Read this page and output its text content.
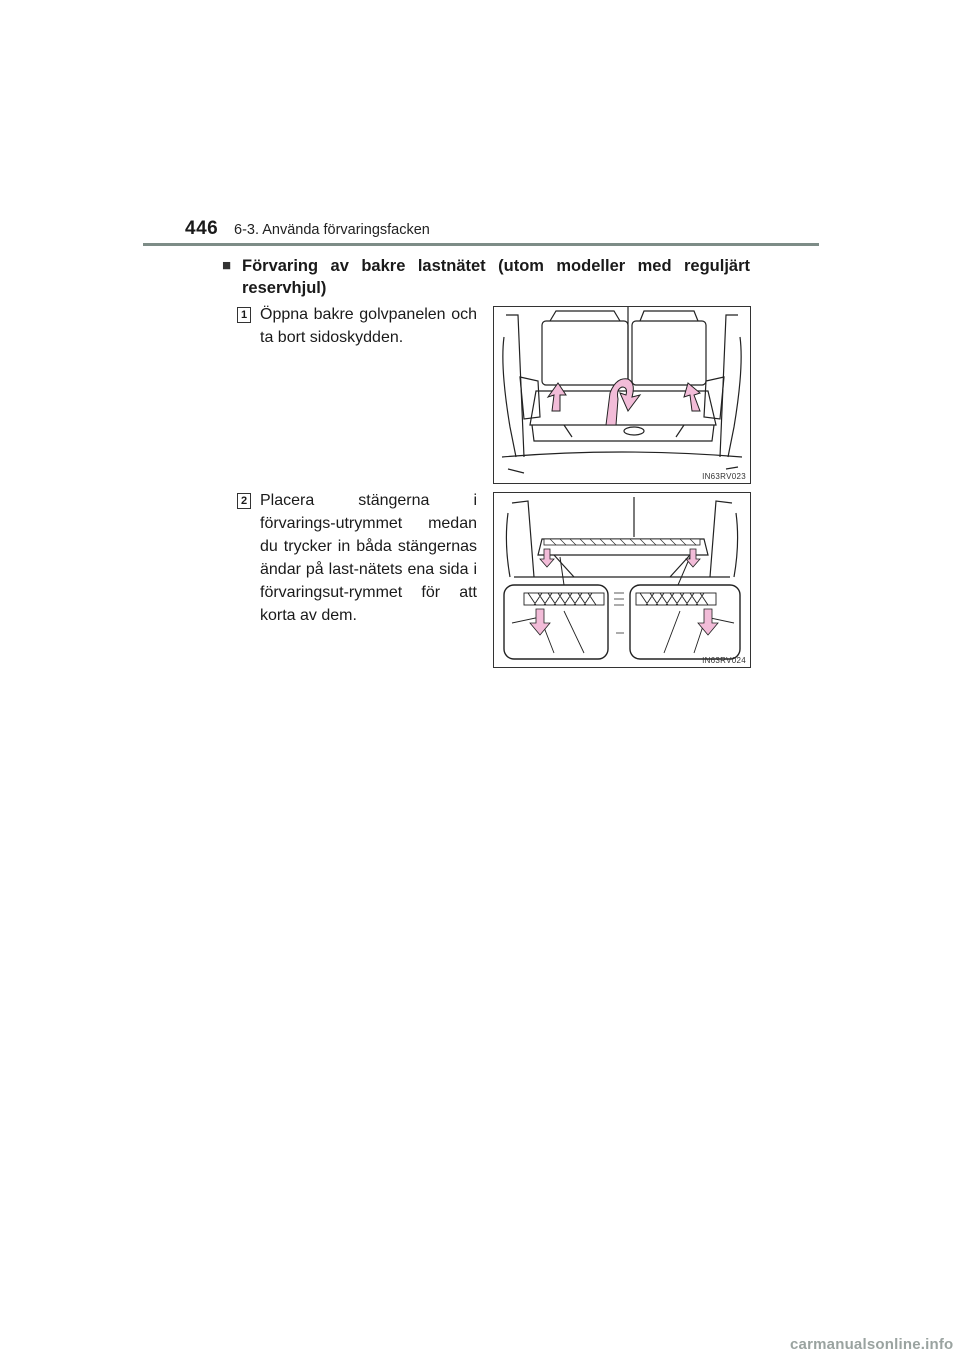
446 6-3. Använda förvaringsfacken
■ Förvaring av bakre lastnätet (utom modeller med reguljärt reservhjul)
1 Öppna bakre golvpanelen och ta bort sidoskydden.
IN63RV023
2 Placera stängerna i förvarings-utrymmet medan du trycker in båda stängernas ändar på last-nätets ena sida i förvaringsut-rymmet för att korta av dem.
IN63RV024
carmanualsonline.info
